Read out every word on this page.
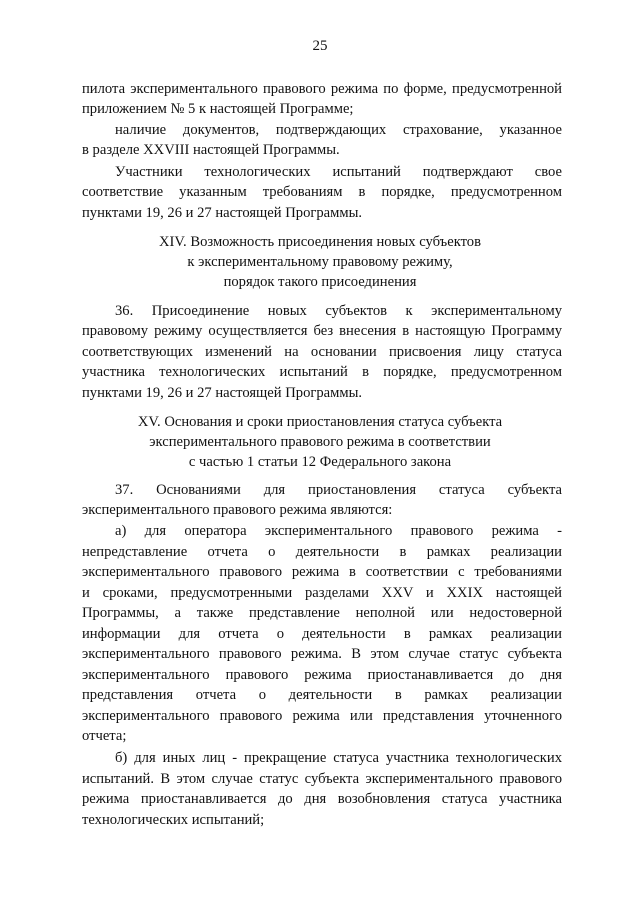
25
пилота экспериментального правового режима по форме, предусмотренной
приложением № 5 к настоящей Программе;
наличие документов, подтверждающих страхование, указанное
в разделе XXVIII настоящей Программы.
Участники технологических испытаний подтверждают свое
соответствие указанным требованиям в порядке, предусмотренном
пунктами 19, 26 и 27 настоящей Программы.
XIV. Возможность присоединения новых субъектов
к экспериментальному правовому режиму,
порядок такого присоединения
36. Присоединение новых субъектов к экспериментальному
правовому режиму осуществляется без внесения в настоящую Программу
соответствующих изменений на основании присвоения лицу статуса
участника технологических испытаний в порядке, предусмотренном
пунктами 19, 26 и 27 настоящей Программы.
XV. Основания и сроки приостановления статуса субъекта
экспериментального правового режима в соответствии
с частью 1 статьи 12 Федерального закона
37. Основаниями для приостановления статуса субъекта
экспериментального правового режима являются:
а) для оператора экспериментального правового режима -
непредставление отчета о деятельности в рамках реализации
экспериментального правового режима в соответствии с требованиями
и сроками, предусмотренными разделами XXV и XXIX настоящей
Программы, а также представление неполной или недостоверной
информации для отчета о деятельности в рамках реализации
экспериментального правового режима. В этом случае статус субъекта
экспериментального правового режима приостанавливается до дня
представления отчета о деятельности в рамках реализации
экспериментального правового режима или представления уточненного
отчета;
б) для иных лиц - прекращение статуса участника технологических
испытаний. В этом случае статус субъекта экспериментального правового
режима приостанавливается до дня возобновления статуса участника
технологических испытаний;
